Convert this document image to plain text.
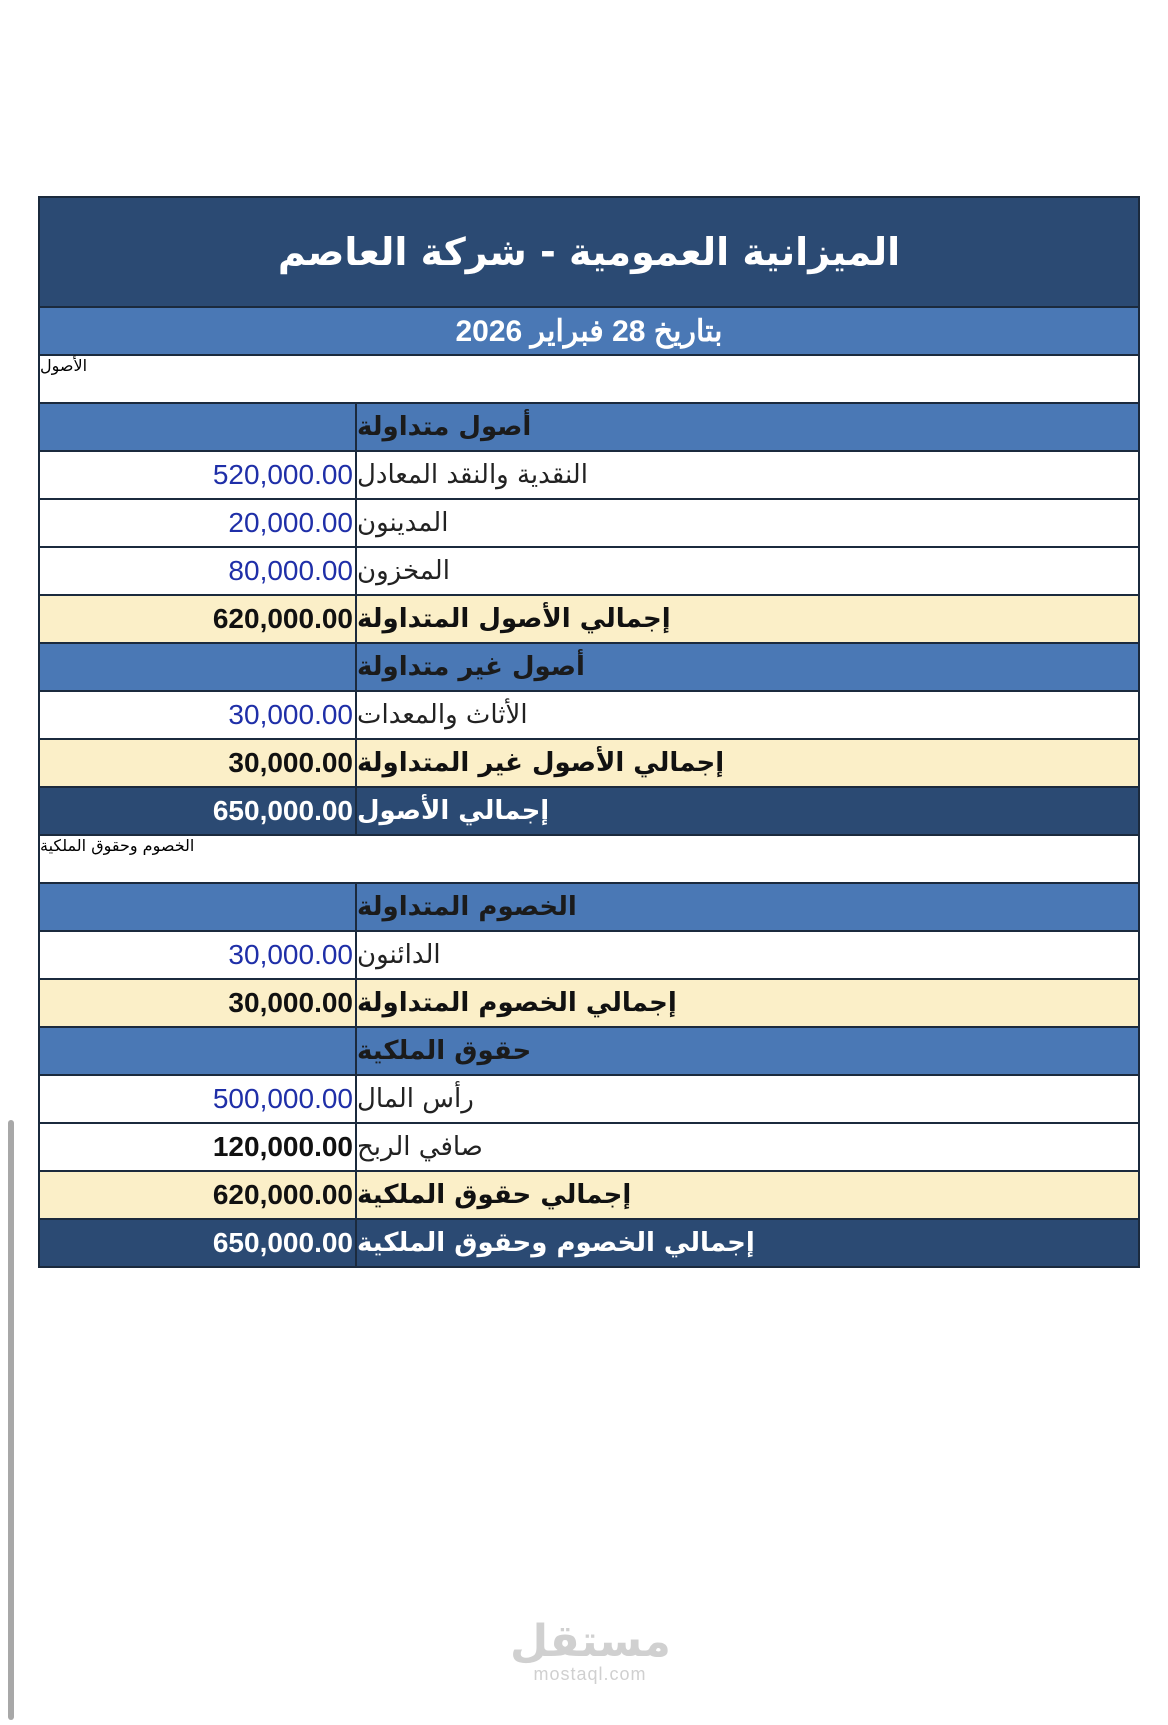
الميزانية العمومية - شركة العاصم
بتاريخ 28 فبراير 2026
الأصول
أصول متداولة
520,000.00 النقدية والنقد المعادل
20,000.00 المدينون
80,000.00 المخزون
620,000.00 إجمالي الأصول المتداولة
أصول غير متداولة
30,000.00 الأثاث والمعدات
30,000.00 إجمالي الأصول غير المتداولة
650,000.00 إجمالي الأصول
الخصوم وحقوق الملكية
الخصوم المتداولة
30,000.00 الدائنون
30,000.00 إجمالي الخصوم المتداولة
حقوق الملكية
500,000.00 رأس المال
120,000.00 صافي الربح
620,000.00 إجمالي حقوق الملكية
650,000.00 إجمالي الخصوم وحقوق الملكية
مستقل
mostaql.com
